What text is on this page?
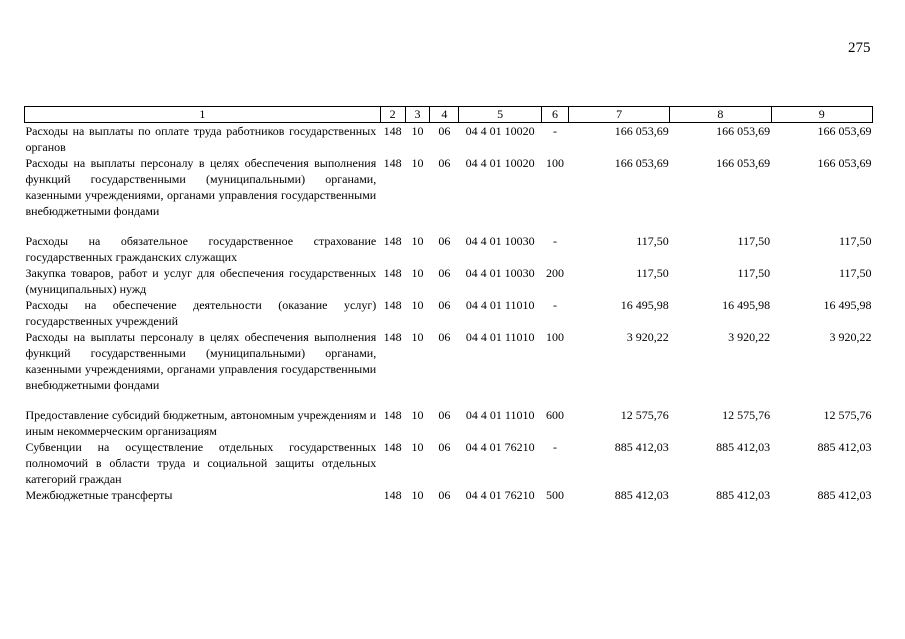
275
1	2	3	4	5	6	7	8	9
Расходы на выплаты по оплате труда работников государственных органов	148	10	06	04 4 01 10020	-	166 053,69	166 053,69	166 053,69
Расходы на выплаты персоналу в целях обеспечения выполнения функций государственными (муниципальными) органами, казенными учреждениями, органами управления государственными внебюджетными фондами	148	10	06	04 4 01 10020	100	166 053,69	166 053,69	166 053,69

Расходы на обязательное государственное страхование государственных гражданских служащих	148	10	06	04 4 01 10030	-	117,50	117,50	117,50
Закупка товаров, работ и услуг для обеспечения государственных (муниципальных) нужд	148	10	06	04 4 01 10030	200	117,50	117,50	117,50
Расходы на обеспечение деятельности (оказание услуг) государственных учреждений	148	10	06	04 4 01 11010	-	16 495,98	16 495,98	16 495,98
Расходы на выплаты персоналу в целях обеспечения выполнения функций государственными (муниципальными) органами, казенными учреждениями, органами управления государственными внебюджетными фондами	148	10	06	04 4 01 11010	100	3 920,22	3 920,22	3 920,22

Предоставление субсидий бюджетным, автономным учреждениям и иным некоммерческим организациям	148	10	06	04 4 01 11010	600	12 575,76	12 575,76	12 575,76
Субвенции на осуществление отдельных государственных полномочий в области труда и социальной защиты отдельных категорий граждан	148	10	06	04 4 01 76210	-	885 412,03	885 412,03	885 412,03
Межбюджетные трансферты	148	10	06	04 4 01 76210	500	885 412,03	885 412,03	885 412,03
